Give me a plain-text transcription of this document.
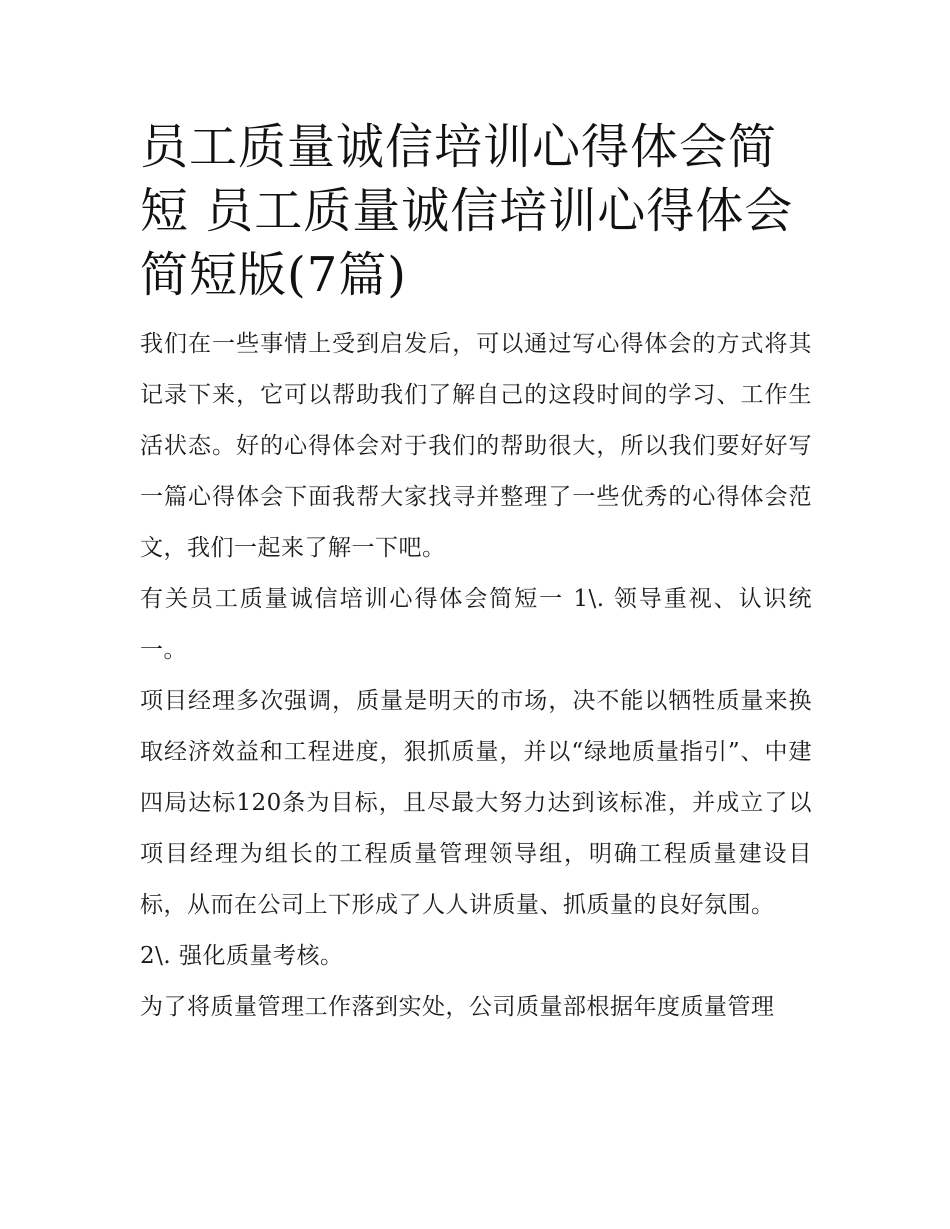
员工质量诚信培训心得体会简短 员工质量诚信培训心得体会简短版(7篇)

我们在一些事情上受到启发后，可以通过写心得体会的方式将其记录下来，它可以帮助我们了解自己的这段时间的学习、工作生活状态。好的心得体会对于我们的帮助很大，所以我们要好好写一篇心得体会下面我帮大家找寻并整理了一些优秀的心得体会范文，我们一起来了解一下吧。

有关员工质量诚信培训心得体会简短一 1\. 领导重视、认识统一。

项目经理多次强调，质量是明天的市场，决不能以牺牲质量来换取经济效益和工程进度，狠抓质量，并以“绿地质量指引”、中建四局达标120条为目标，且尽最大努力达到该标准，并成立了以项目经理为组长的工程质量管理领导组，明确工程质量建设目标，从而在公司上下形成了人人讲质量、抓质量的良好氛围。

2\. 强化质量考核。

为了将质量管理工作落到实处，公司质量部根据年度质量管理
